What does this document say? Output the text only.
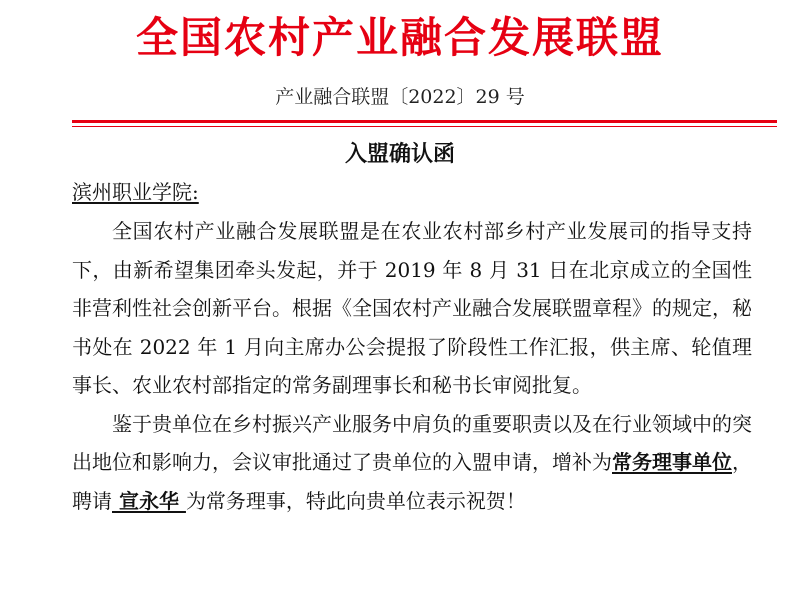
全国农村产业融合发展联盟
产业融合联盟〔2022〕29 号
入盟确认函
滨州职业学院:

全国农村产业融合发展联盟是在农业农村部乡村产业发展司的指导支持下，由新希望集团牵头发起，并于 2019 年 8 月 31 日在北京成立的全国性非营利性社会创新平台。根据《全国农村产业融合发展联盟章程》的规定，秘书处在 2022 年 1 月向主席办公会提报了阶段性工作汇报，供主席、轮值理事长、农业农村部指定的常务副理事长和秘书长审阅批复。

鉴于贵单位在乡村振兴产业服务中肩负的重要职责以及在行业领域中的突出地位和影响力，会议审批通过了贵单位的入盟申请，增补为常务理事单位，聘请 宣永华 为常务理事，特此向贵单位表示祝贺！
